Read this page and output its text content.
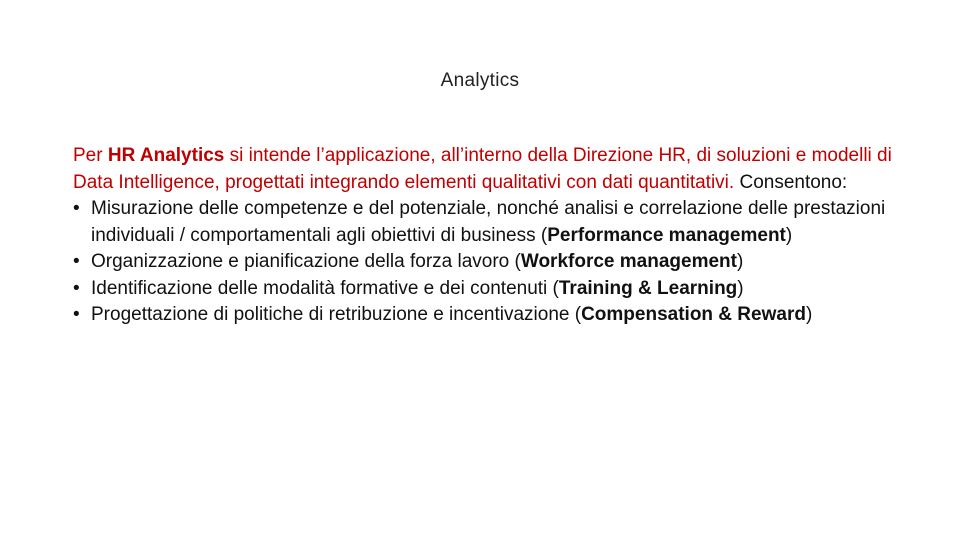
Analytics

Per HR Analytics si intende l’applicazione, all’interno della Direzione HR, di soluzioni e modelli di Data Intelligence, progettati integrando elementi qualitativi con dati quantitativi. Consentono:

• Misurazione delle competenze e del potenziale, nonché analisi e correlazione delle prestazioni individuali / comportamentali agli obiettivi di business (Performance management)
• Organizzazione e pianificazione della forza lavoro (Workforce management)
• Identificazione delle modalità formative e dei contenuti (Training & Learning)
• Progettazione di politiche di retribuzione e incentivazione (Compensation & Reward)
